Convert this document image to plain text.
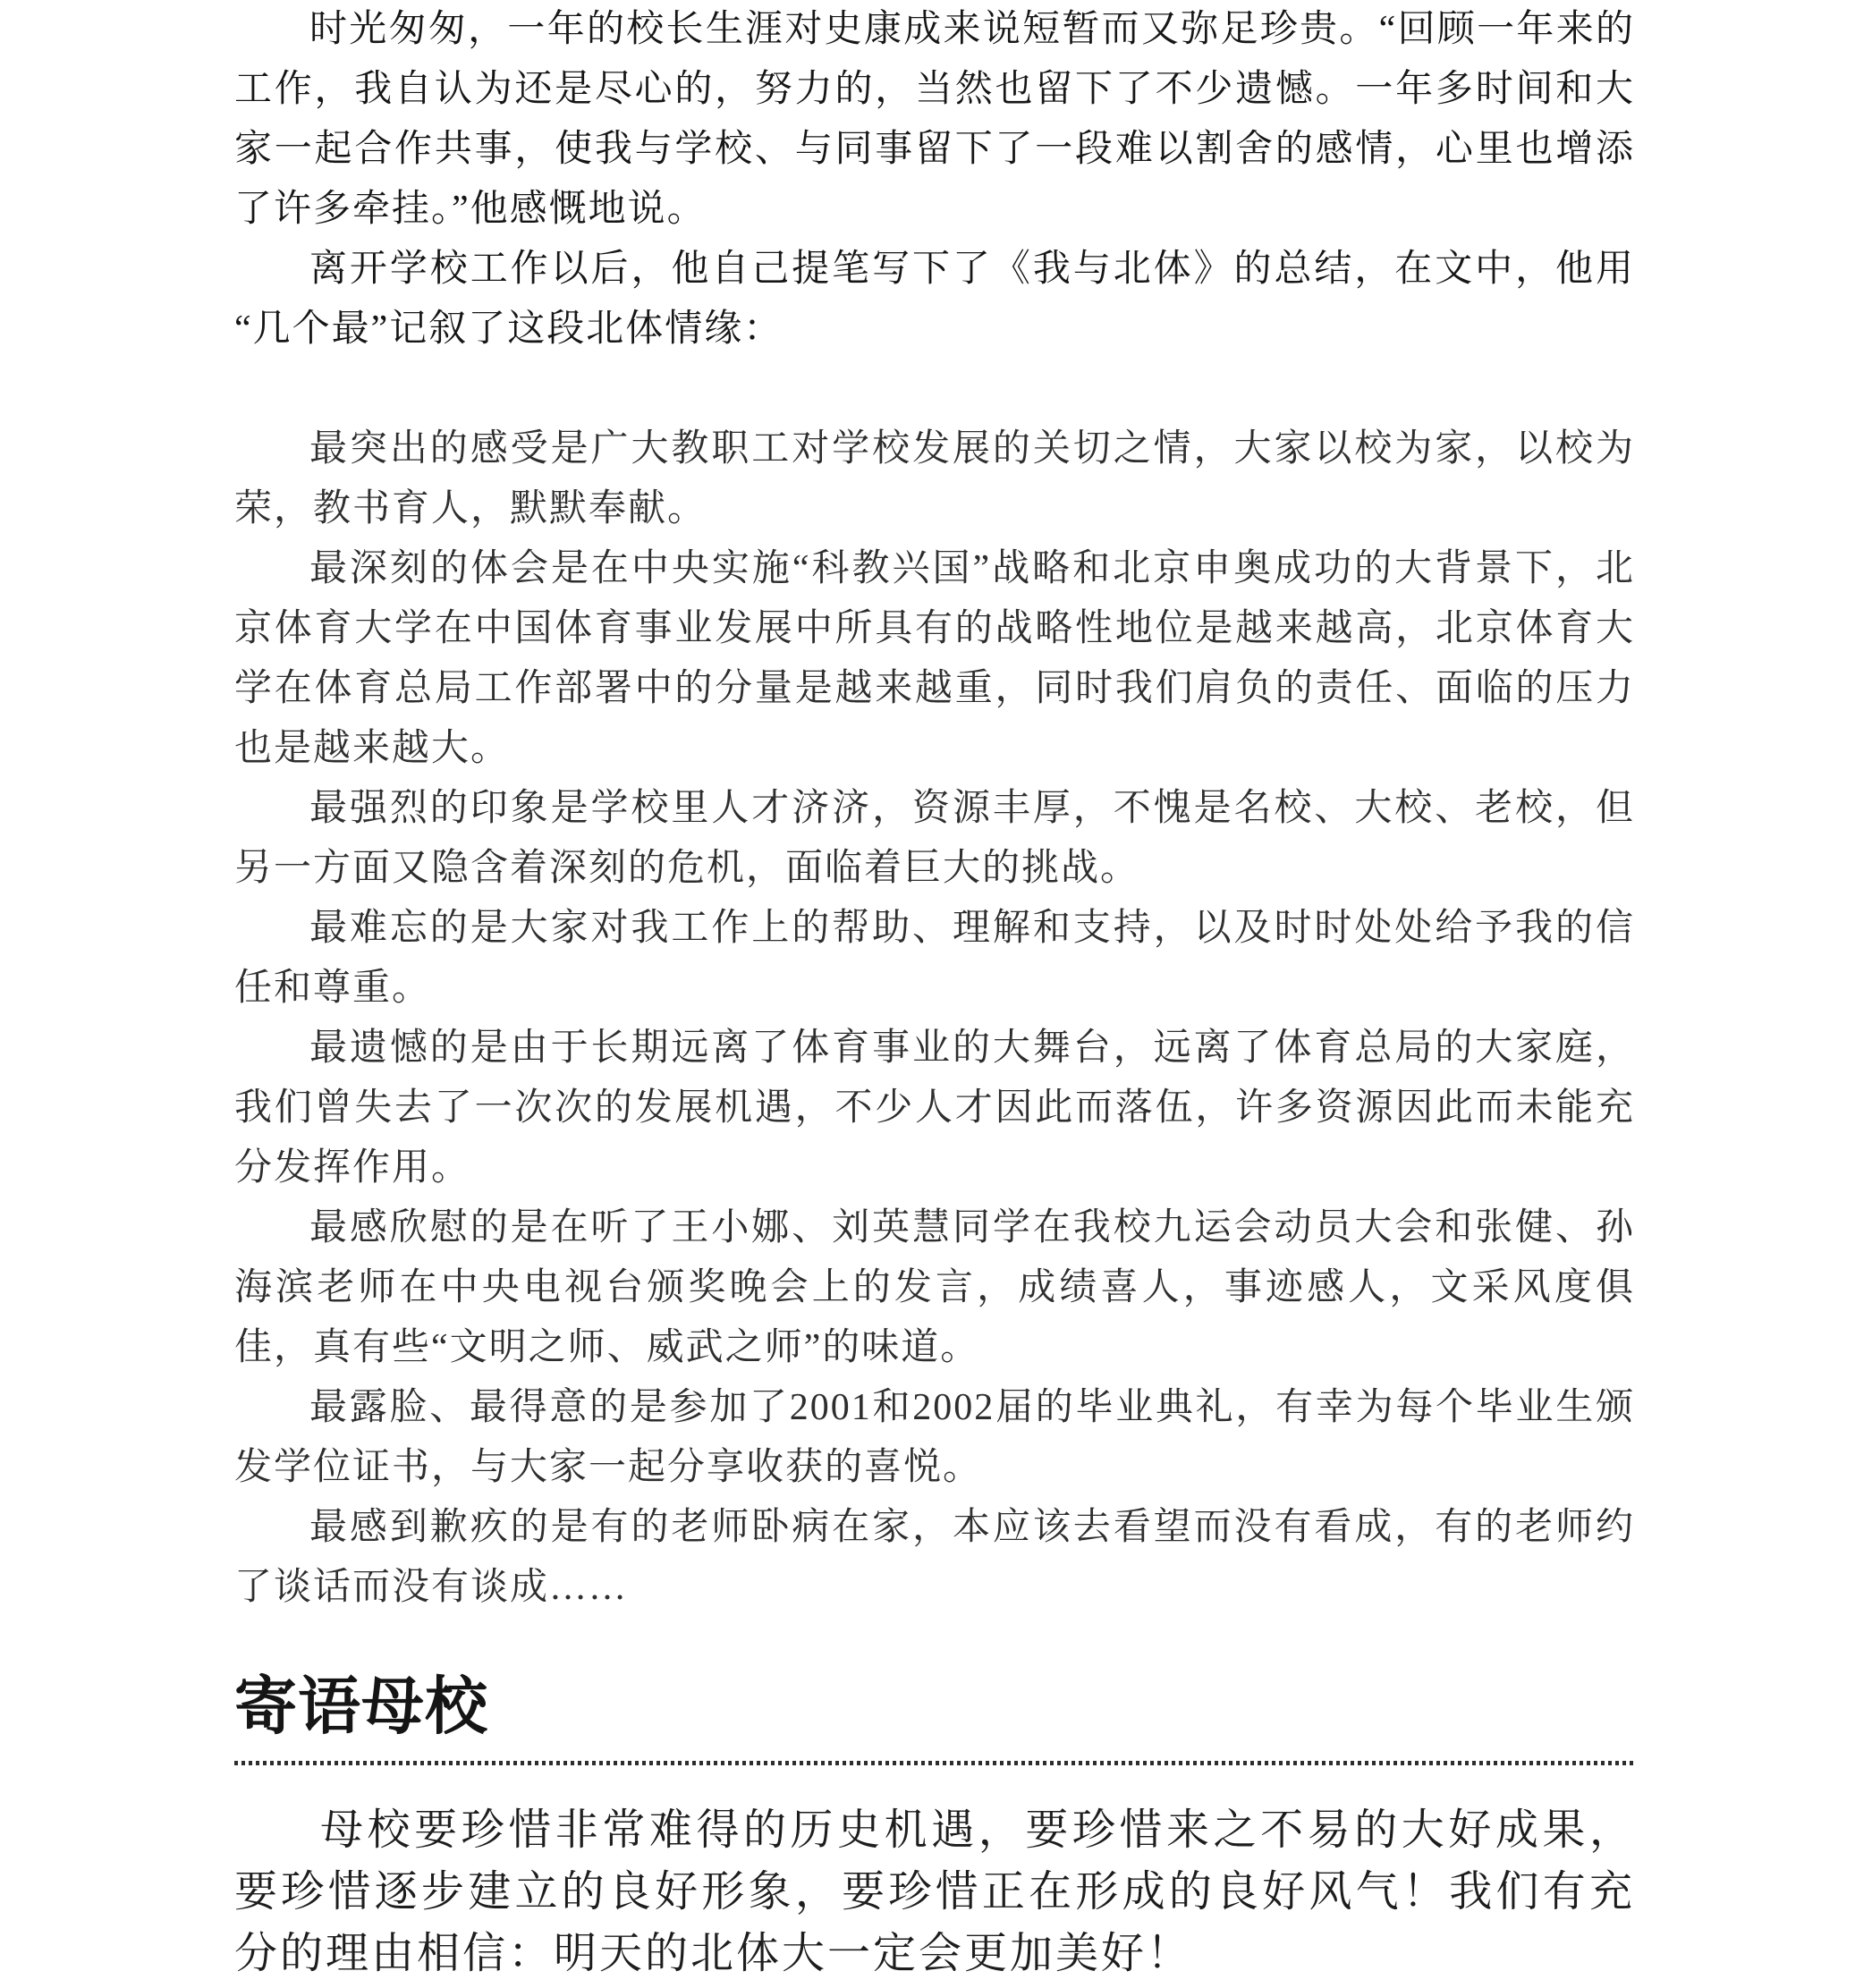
时光匆匆，一年的校长生涯对史康成来说短暂而又弥足珍贵。“回顾一年来的工作，我自认为还是尽心的，努力的，当然也留下了不少遗憾。一年多时间和大家一起合作共事，使我与学校、与同事留下了一段难以割舍的感情，心里也增添了许多牵挂。”他感慨地说。

离开学校工作以后，他自己提笔写下了《我与北体》的总结，在文中，他用“几个最”记叙了这段北体情缘：

最突出的感受是广大教职工对学校发展的关切之情，大家以校为家，以校为荣，教书育人，默默奉献。

最深刻的体会是在中央实施“科教兴国”战略和北京申奥成功的大背景下，北京体育大学在中国体育事业发展中所具有的战略性地位是越来越高，北京体育大学在体育总局工作部署中的分量是越来越重，同时我们肩负的责任、面临的压力也是越来越大。

最强烈的印象是学校里人才济济，资源丰厚，不愧是名校、大校、老校，但另一方面又隐含着深刻的危机，面临着巨大的挑战。

最难忘的是大家对我工作上的帮助、理解和支持，以及时时处处给予我的信任和尊重。

最遗憾的是由于长期远离了体育事业的大舞台，远离了体育总局的大家庭，我们曾失去了一次次的发展机遇，不少人才因此而落伍，许多资源因此而未能充分发挥作用。

最感欣慰的是在听了王小娜、刘英慧同学在我校九运会动员大会和张健、孙海滨老师在中央电视台颁奖晚会上的发言，成绩喜人，事迹感人，文采风度俱佳，真有些“文明之师、威武之师”的味道。

最露脸、最得意的是参加了2001和2002届的毕业典礼，有幸为每个毕业生颁发学位证书，与大家一起分享收获的喜悦。

最感到歉疚的是有的老师卧病在家，本应该去看望而没有看成，有的老师约了谈话而没有谈成……

寄语母校

母校要珍惜非常难得的历史机遇，要珍惜来之不易的大好成果，要珍惜逐步建立的良好形象，要珍惜正在形成的良好风气！我们有充分的理由相信：明天的北体大一定会更加美好！
